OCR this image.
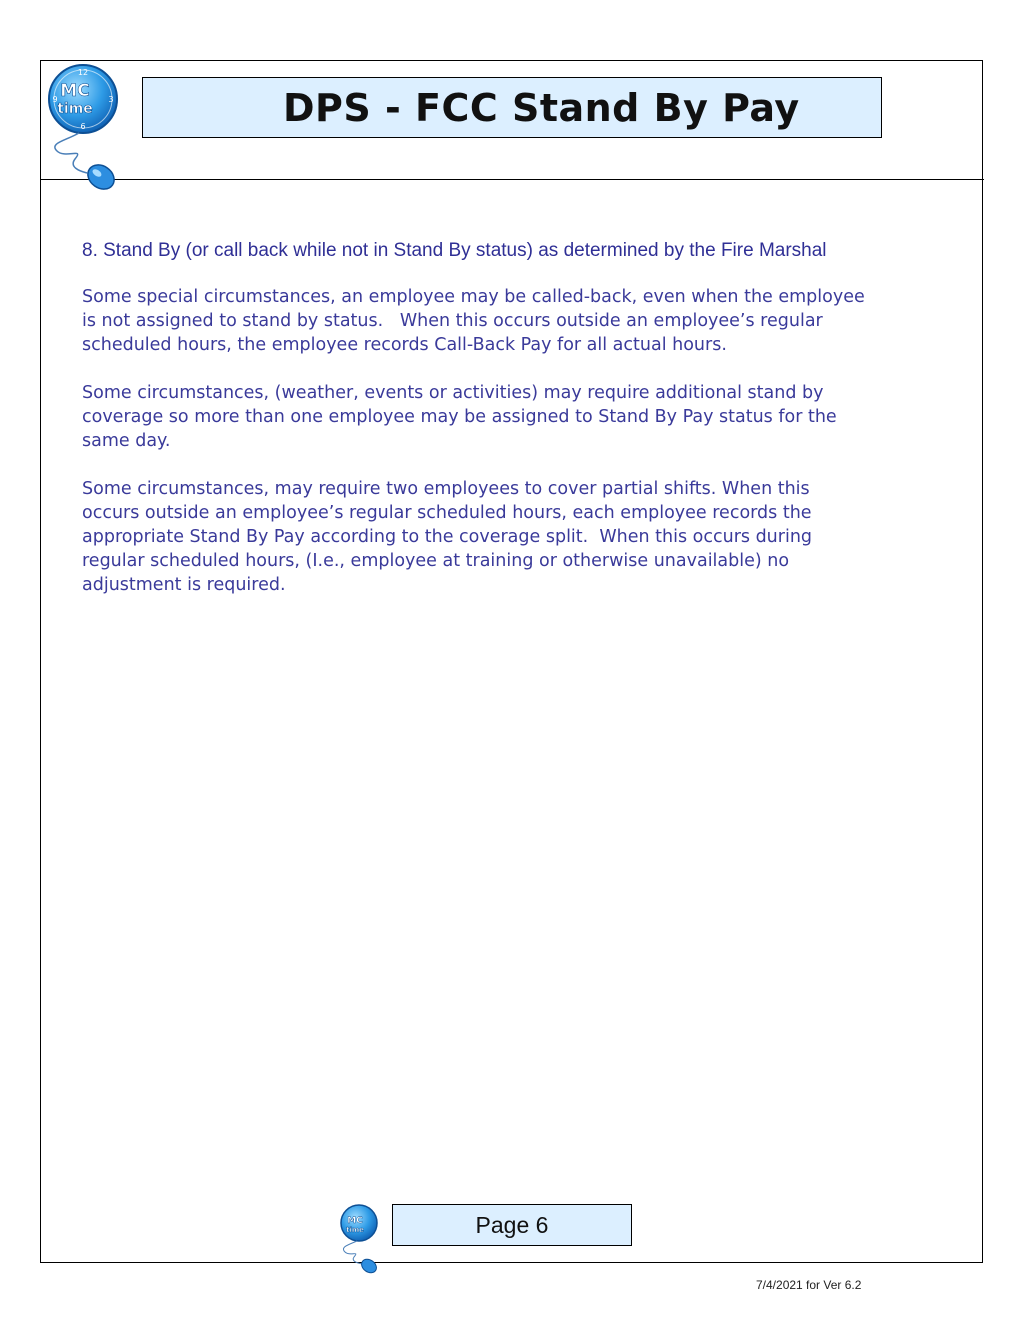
12
3
6
9 MC
time	DPS - FCC Stand By Pay
8. Stand By (or call back while not in Stand By status) as determined by the Fire Marshal
Some special circumstances, an employee may be called-back, even when the employee
is not assigned to stand by status.   When this occurs outside an employee’s regular
scheduled hours, the employee records Call-Back Pay for all actual hours.
Some circumstances, (weather, events or activities) may require additional stand by
coverage so more than one employee may be assigned to Stand By Pay status for the
same day.
Some circumstances, may require two employees to cover partial shifts. When this
occurs outside an employee’s regular scheduled hours, each employee records the
appropriate Stand By Pay according to the coverage split.  When this occurs during
regular scheduled hours, (I.e., employee at training or otherwise unavailable) no
adjustment is required.
MC
time	Page 6
7/4/2021 for Ver 6.2
